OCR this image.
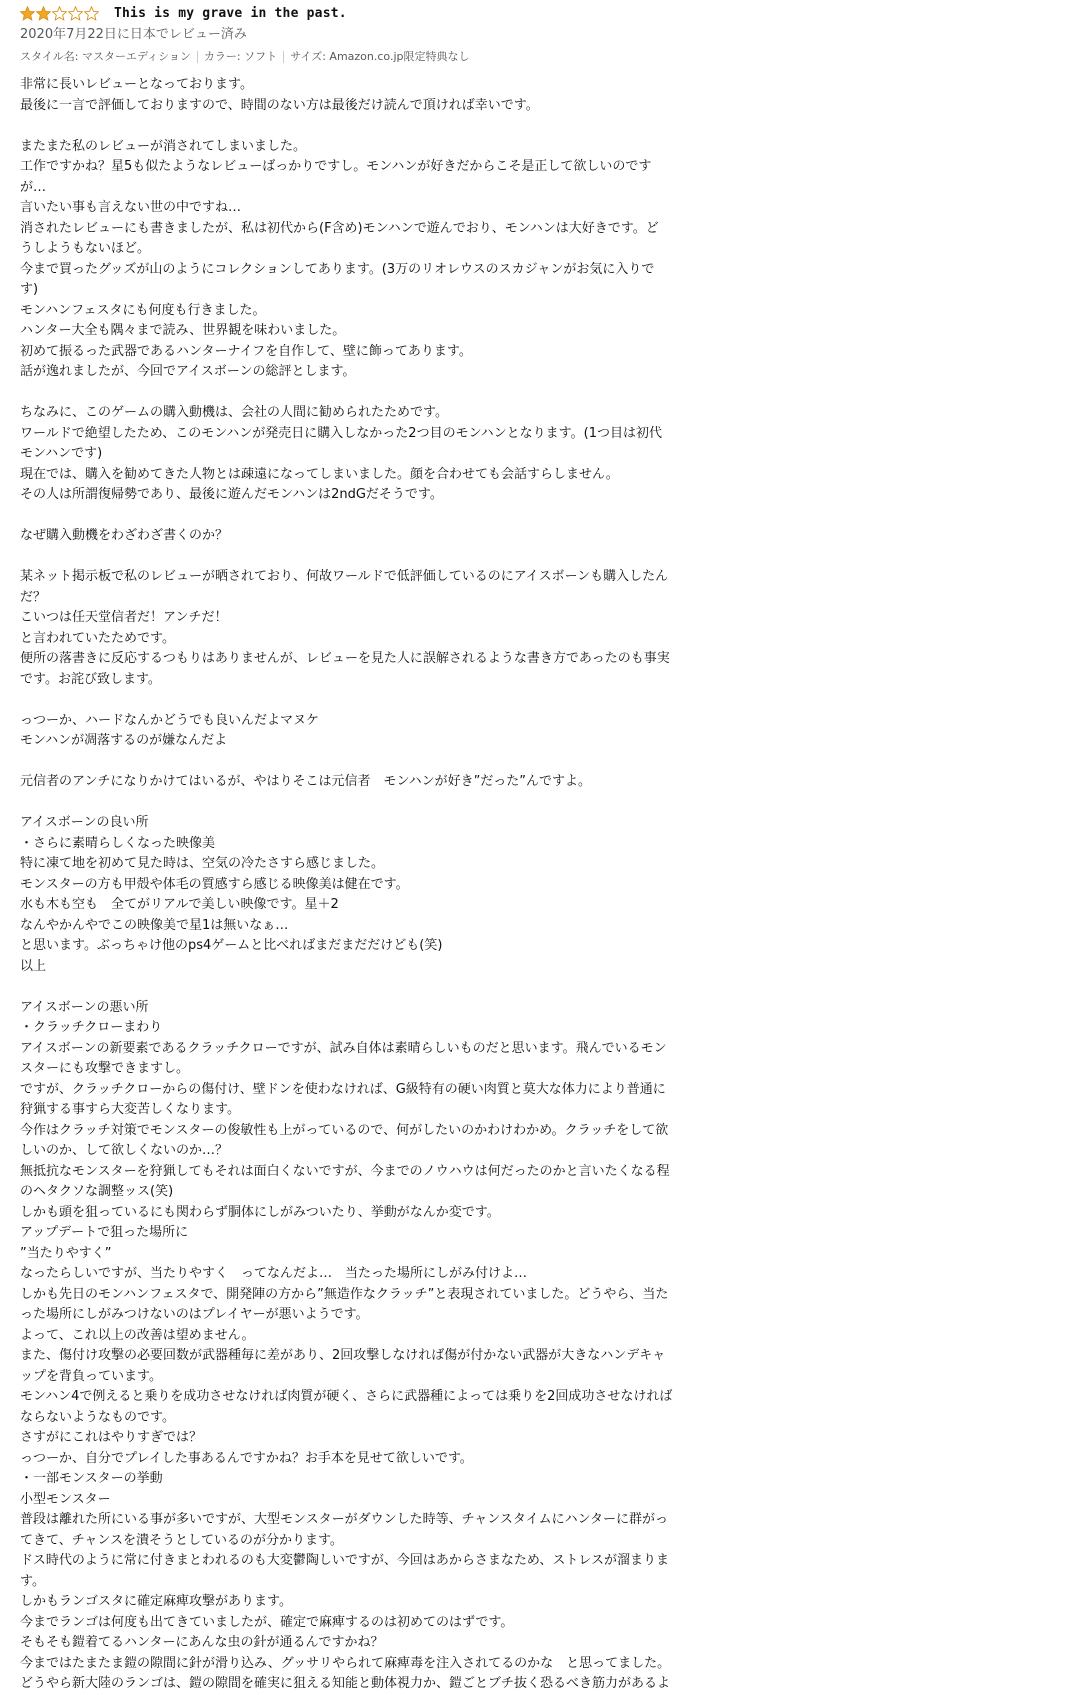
This is my grave in the past.
2020年7月22日に日本でレビュー済み
スタイル名: マスターエディション カラー: ソフト サイズ: Amazon.co.jp限定特典なし
非常に長いレビューとなっております。
最後に一言で評価しておりますので、時間のない方は最後だけ読んで頂ければ幸いです。
またまた私のレビューが消されてしまいました。
工作ですかね？星5も似たようなレビューばっかりですし。モンハンが好きだからこそ是正して欲しいのです
が…
言いたい事も言えない世の中ですね…
消されたレビューにも書きましたが、私は初代から(F含め)モンハンで遊んでおり、モンハンは大好きです。ど
うしようもないほど。
今まで買ったグッズが山のようにコレクションしてあります。(3万のリオレウスのスカジャンがお気に入りで
す)
モンハンフェスタにも何度も行きました。
ハンター大全も隅々まで読み、世界観を味わいました。
初めて振るった武器であるハンターナイフを自作して、壁に飾ってあります。
話が逸れましたが、今回でアイスボーンの総評とします。
ちなみに、このゲームの購入動機は、会社の人間に勧められたためです。
ワールドで絶望したため、このモンハンが発売日に購入しなかった2つ目のモンハンとなります。(1つ目は初代
モンハンです)
現在では、購入を勧めてきた人物とは疎遠になってしまいました。顔を合わせても会話すらしません。
その人は所謂復帰勢であり、最後に遊んだモンハンは2ndGだそうです。
なぜ購入動機をわざわざ書くのか？
某ネット掲示板で私のレビューが晒されており、何故ワールドで低評価しているのにアイスボーンも購入したん
だ？
こいつは任天堂信者だ！アンチだ！
と言われていたためです。
便所の落書きに反応するつもりはありませんが、レビューを見た人に誤解されるような書き方であったのも事実
です。お詫び致します。
っつーか、ハードなんかどうでも良いんだよマヌケ
モンハンが凋落するのが嫌なんだよ
元信者のアンチになりかけてはいるが、やはりそこは元信者　モンハンが好き”だった”んですよ。
アイスボーンの良い所
・さらに素晴らしくなった映像美
特に凍て地を初めて見た時は、空気の冷たさすら感じました。
モンスターの方も甲殻や体毛の質感すら感じる映像美は健在です。
水も木も空も　全てがリアルで美しい映像です。星＋2
なんやかんやでこの映像美で星1は無いなぁ…
と思います。ぶっちゃけ他のps4ゲームと比べればまだまだだけども(笑)
以上
アイスボーンの悪い所
・クラッチクローまわり
アイスボーンの新要素であるクラッチクローですが、試み自体は素晴らしいものだと思います。飛んでいるモン
スターにも攻撃できますし。
ですが、クラッチクローからの傷付け、壁ドンを使わなければ、G級特有の硬い肉質と莫大な体力により普通に
狩猟する事すら大変苦しくなります。
今作はクラッチ対策でモンスターの俊敏性も上がっているので、何がしたいのかわけわかめ。クラッチをして欲
しいのか、して欲しくないのか…？
無抵抗なモンスターを狩猟してもそれは面白くないですが、今までのノウハウは何だったのかと言いたくなる程
のヘタクソな調整ッス(笑)
しかも頭を狙っているにも関わらず胴体にしがみついたり、挙動がなんか変です。
アップデートで狙った場所に
”当たりやすく”
なったらしいですが、当たりやすく　ってなんだよ…　当たった場所にしがみ付けよ…
しかも先日のモンハンフェスタで、開発陣の方から”無造作なクラッチ”と表現されていました。どうやら、当た
った場所にしがみつけないのはプレイヤーが悪いようです。
よって、これ以上の改善は望めません。
また、傷付け攻撃の必要回数が武器種毎に差があり、2回攻撃しなければ傷が付かない武器が大きなハンデキャ
ップを背負っています。
モンハン4で例えると乗りを成功させなければ肉質が硬く、さらに武器種によっては乗りを2回成功させなければ
ならないようなものです。
さすがにこれはやりすぎでは？
っつーか、自分でプレイした事あるんですかね？お手本を見せて欲しいです。
・一部モンスターの挙動
小型モンスター
普段は離れた所にいる事が多いですが、大型モンスターがダウンした時等、チャンスタイムにハンターに群がっ
てきて、チャンスを潰そうとしているのが分かります。
ドス時代のように常に付きまとわれるのも大変鬱陶しいですが、今回はあからさまなため、ストレスが溜まりま
す。
しかもランゴスタに確定麻痺攻撃があります。
今までランゴは何度も出てきていましたが、確定で麻痺するのは初めてのはずです。
そもそも鎧着てるハンターにあんな虫の針が通るんですかね？
今まではたまたま鎧の隙間に針が滑り込み、グッサリやられて麻痺毒を注入されてるのかな　と思ってました。
どうやら新大陸のランゴは、鎧の隙間を確実に狙える知能と動体視力か、鎧ごとブチ抜く恐るべき筋力があるよ
